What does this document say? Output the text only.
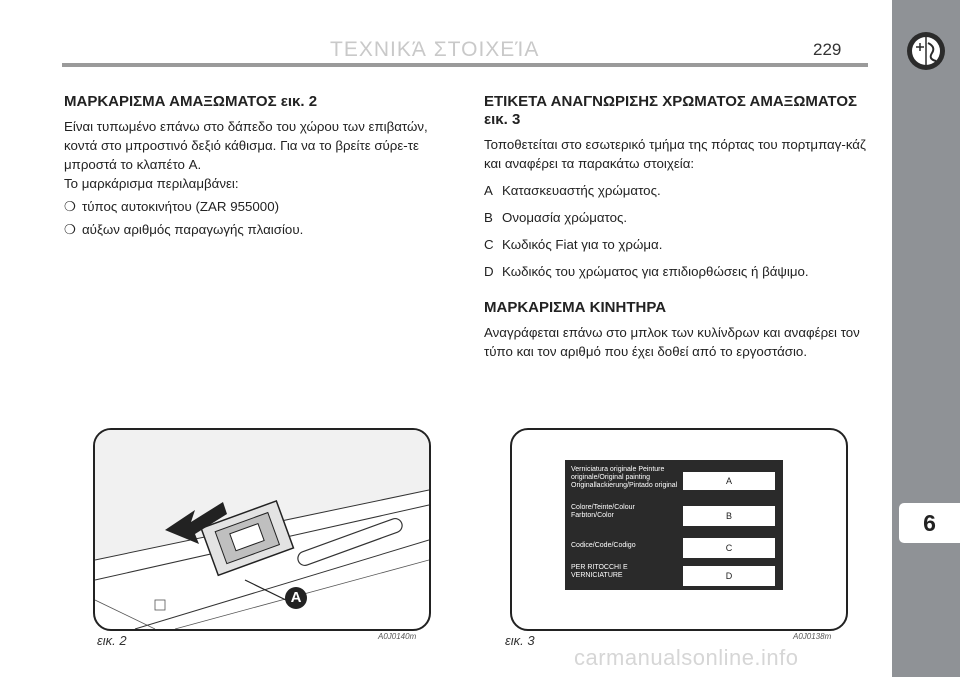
ΤΕΧΝΙΚΆ ΣΤΟΙΧΕΊΑ	229
6
ΜΑΡΚΑΡΙΣΜΑ ΑΜΑΞΩΜΑΤΟΣ εικ. 2

Είναι τυπωμένο επάνω στο δάπεδο του χώρου των επιβατών, κοντά στο μπροστινό δεξιό κάθισμα. Για να το βρείτε σύρε-τε μπροστά το κλαπέτο A.

Το μαρκάρισμα περιλαμβάνει:

❍ τύπος αυτοκινήτου (ZAR 955000)
❍ αύξων αριθμός παραγωγής πλαισίου.
ΕΤΙΚΕΤΑ ΑΝΑΓΝΩΡΙΣΗΣ ΧΡΩΜΑΤΟΣ ΑΜΑΞΩΜΑΤΟΣ εικ. 3

Τοποθετείται στο εσωτερικό τμήμα της πόρτας του πορτμπαγ-κάζ και αναφέρει τα παρακάτω στοιχεία:

A Κατασκευαστής χρώματος.
B Ονομασία χρώματος.
C Κωδικός Fiat για το χρώμα.
D Κωδικός του χρώματος για επιδιορθώσεις ή βάψιμο.
ΜΑΡΚΑΡΙΣΜΑ ΚΙΝΗΤΗΡΑ

Αναγράφεται επάνω στο μπλοκ των κυλίνδρων και αναφέρει τον τύπο και τον αριθμό που έχει δοθεί από το εργοστάσιο.

A
εικ. 2	A0J0140m
Verniciatura originale Peinture originale/Original painting Originallackierung/Pintado original	A
Colore/Teinte/Colour Farbton/Color	B
Codice/Code/Codigo	C
PER RITOCCHI E VERNICIATURE	D
εικ. 3	A0J0138m
carmanualsonline.info
